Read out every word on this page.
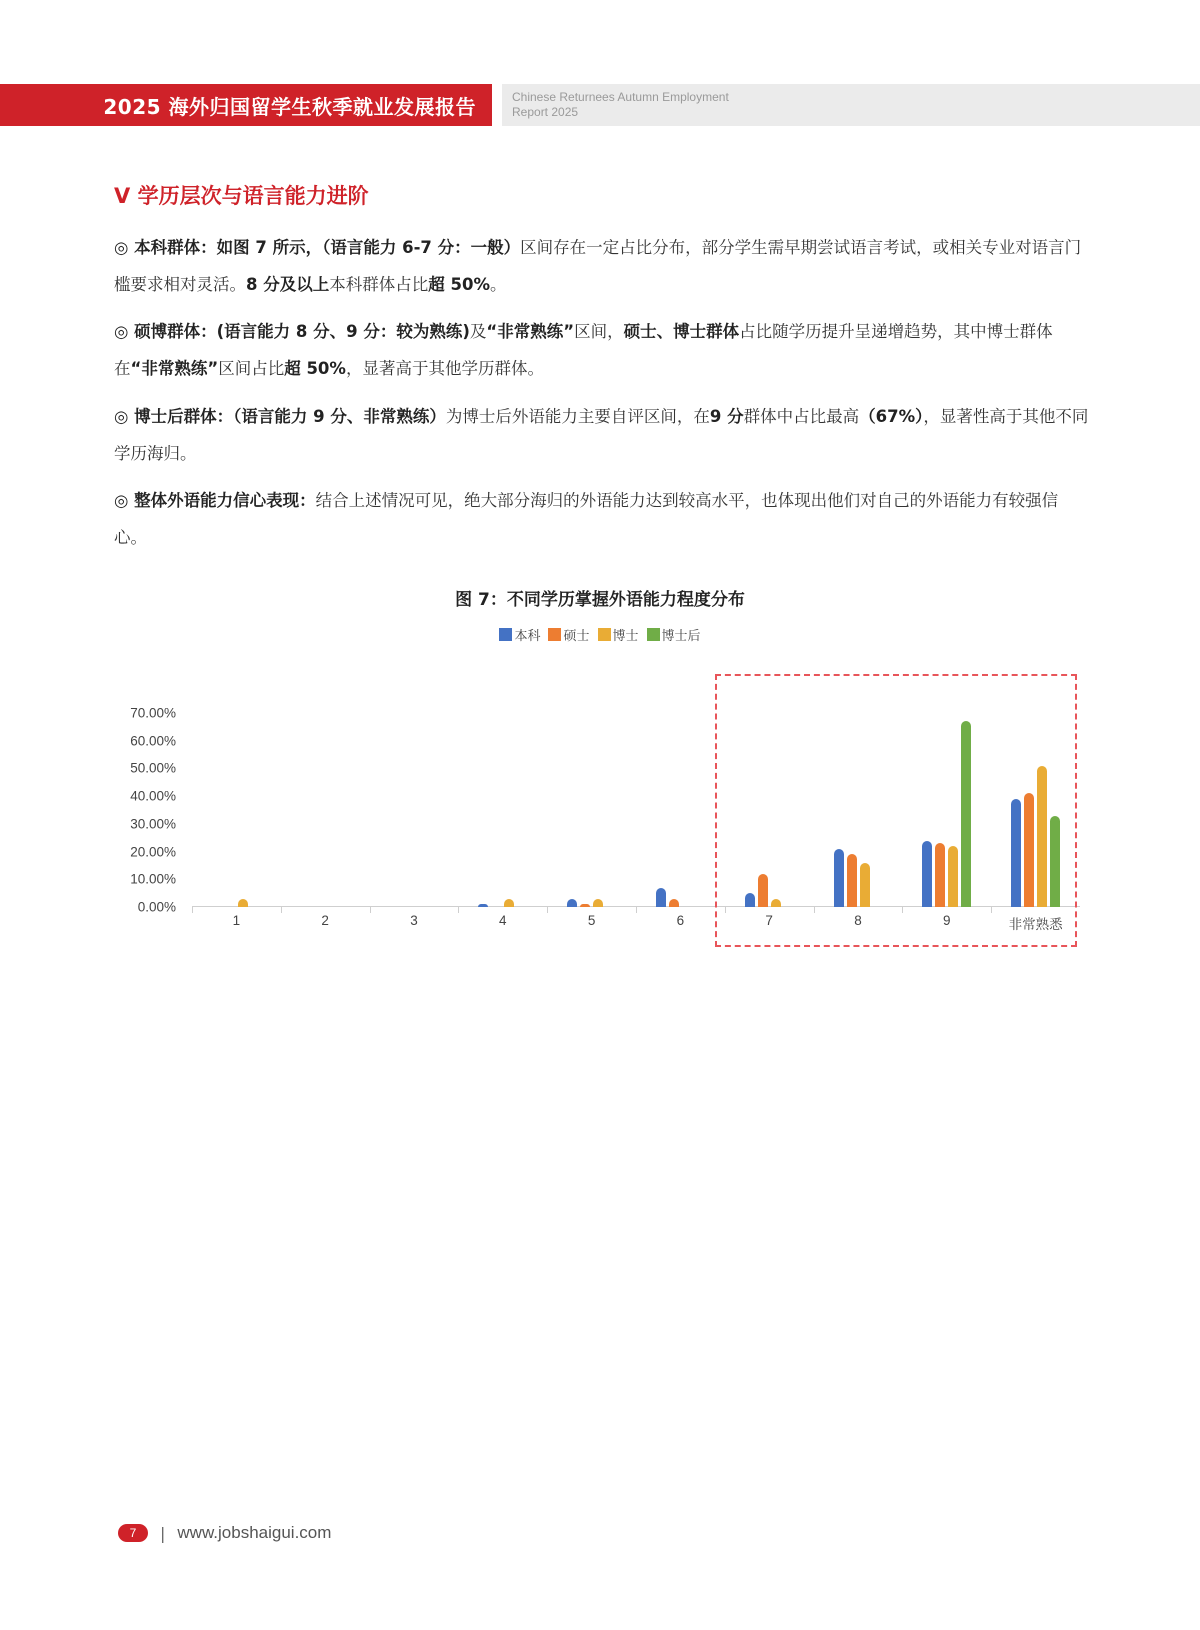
2025 海外归国留学生秋季就业发展报告	Chinese Returnees Autumn Employment
Report 2025
V 学历层次与语言能力进阶
◎ 本科群体：如图 7 所示，（语言能力 6-7 分：一般）区间存在一定占比分布，部分学生需早期尝试语言考试，或相关专业对语言门槛要求相对灵活。8 分及以上本科群体占比超 50%。
◎ 硕博群体：(语言能力 8 分、9 分：较为熟练)及“非常熟练”区间，硕士、博士群体占比随学历提升呈递增趋势，其中博士群体在“非常熟练”区间占比超 50%，显著高于其他学历群体。
◎ 博士后群体：（语言能力 9 分、非常熟练）为博士后外语能力主要自评区间，在9 分群体中占比最高（67%），显著性高于其他不同学历海归。
◎ 整体外语能力信心表现：结合上述情况可见，绝大部分海归的外语能力达到较高水平，也体现出他们对自己的外语能力有较强信心。
图 7：不同学历掌握外语能力程度分布
本科 硕士 博士 博士后
0.00%
10.00%
20.00%
30.00%
40.00%
50.00%
60.00%
70.00%
1	2	3	4	5	6	7	8	9	非常熟悉
7	| www.jobshaigui.com
